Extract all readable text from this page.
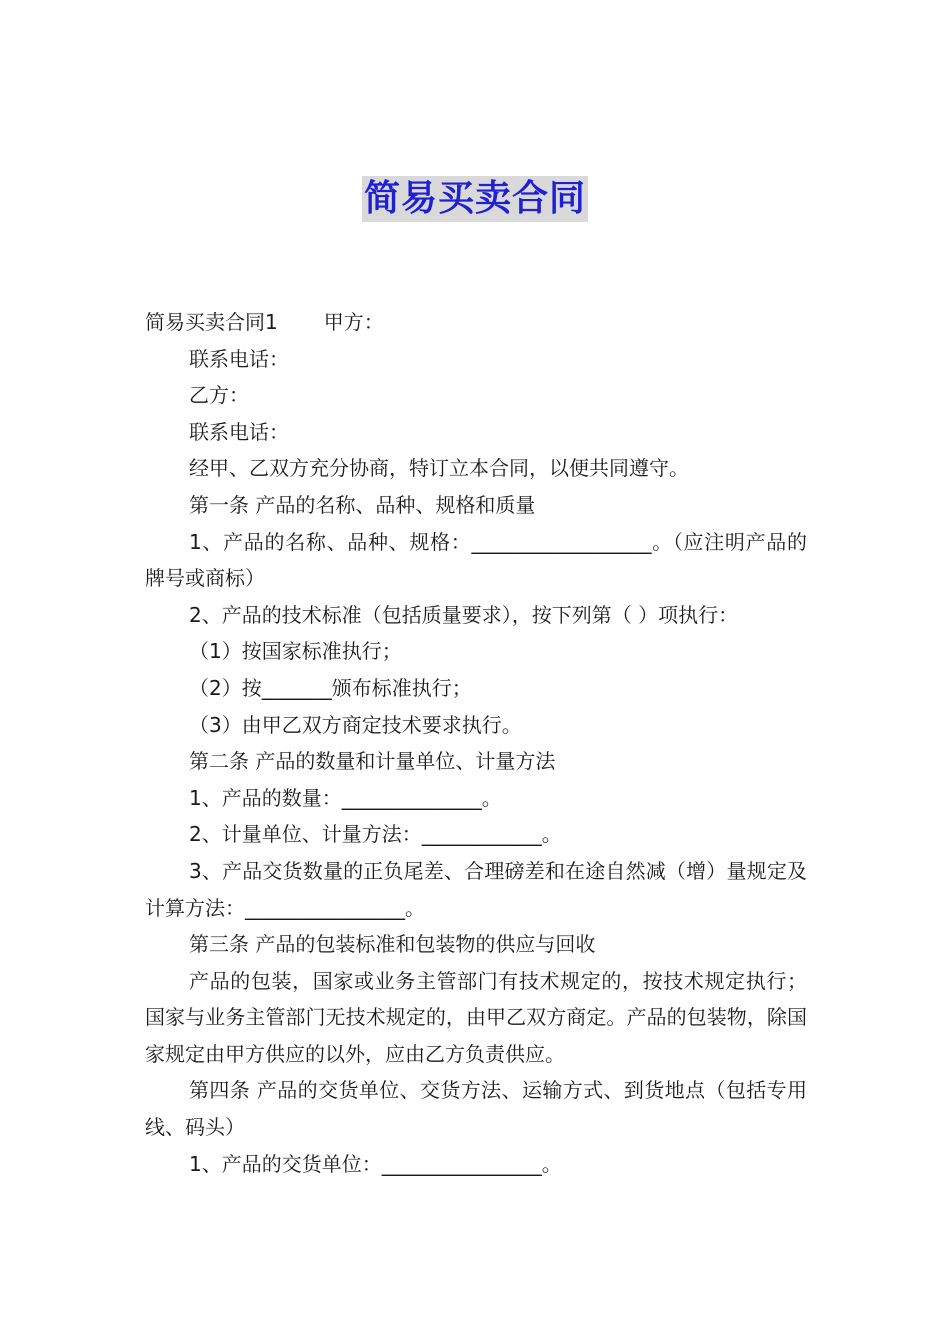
简易买卖合同

简易买卖合同1 甲方：

联系电话：

乙方：

联系电话：

经甲、乙双方充分协商，特订立本合同，以便共同遵守。

第一条 产品的名称、品种、规格和质量

1、产品的名称、品种、规格：__________________。（应注明产品的牌号或商标）

2、产品的技术标准（包括质量要求），按下列第（ ）项执行：

（1）按国家标准执行；

（2）按_______颁布标准执行；

（3）由甲乙双方商定技术要求执行。

第二条 产品的数量和计量单位、计量方法

1、产品的数量：______________。

2、计量单位、计量方法：____________。

3、产品交货数量的正负尾差、合理磅差和在途自然减（增）量规定及计算方法：________________。

第三条 产品的包装标准和包装物的供应与回收

产品的包装，国家或业务主管部门有技术规定的，按技术规定执行；国家与业务主管部门无技术规定的，由甲乙双方商定。产品的包装物，除国家规定由甲方供应的以外，应由乙方负责供应。

第四条 产品的交货单位、交货方法、运输方式、到货地点（包括专用线、码头）

1、产品的交货单位：________________。
